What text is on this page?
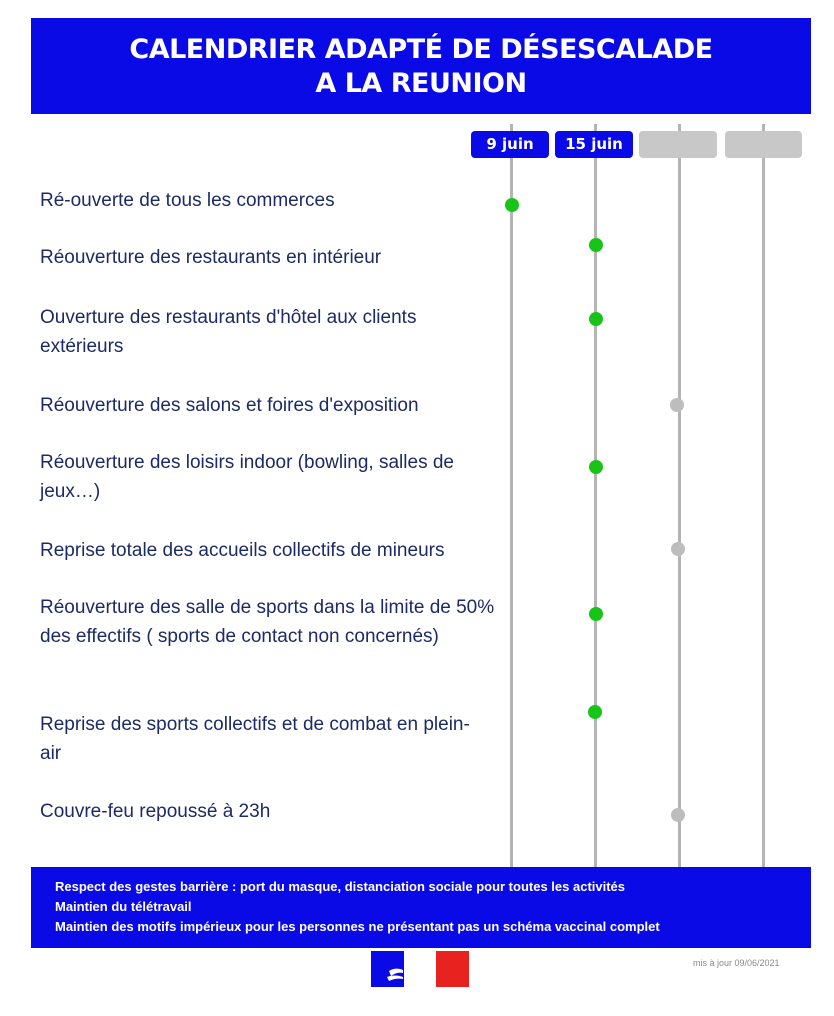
CALENDRIER ADAPTÉ DE DÉSESCALADE
A LA REUNION
9 juin	15 juin
Ré-ouverte de tous les commerces
Réouverture des restaurants en intérieur
Ouverture des restaurants d'hôtel aux clients extérieurs
Réouverture des salons et foires d'exposition
Réouverture des loisirs indoor (bowling, salles de jeux…)
Reprise totale des accueils collectifs de mineurs
Réouverture des salle de sports dans la limite de 50% des effectifs ( sports de contact non concernés)
Reprise des sports collectifs et de combat en plein-air
Couvre-feu repoussé à 23h
Respect des gestes barrière : port du masque, distanciation sociale pour toutes les activités
Maintien du télétravail
Maintien des motifs impérieux pour les personnes ne présentant pas un schéma vaccinal complet
mis à jour 09/06/2021
